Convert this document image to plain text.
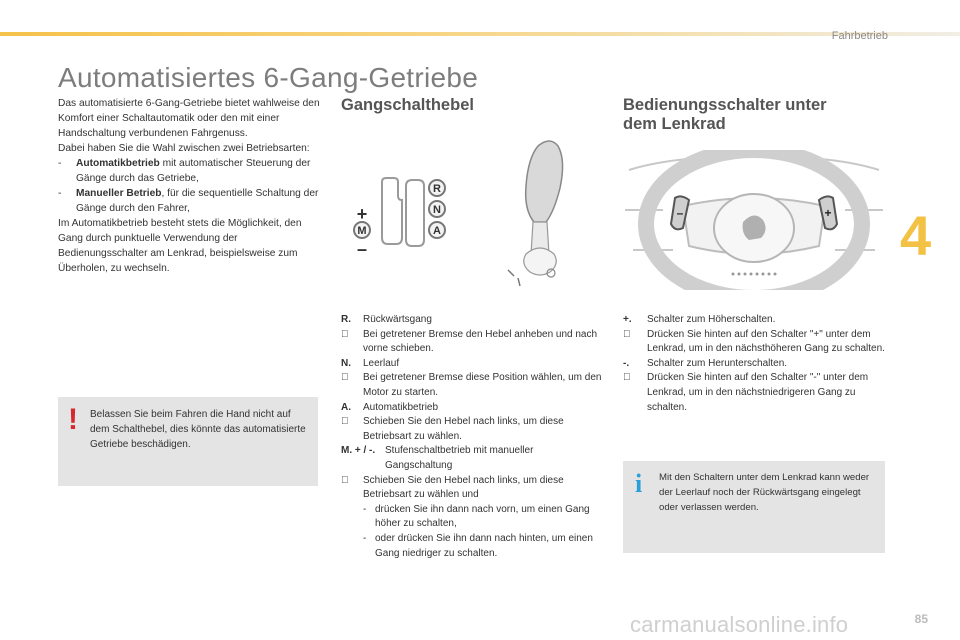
Fahrbetrieb
4
Automatisiertes 6-Gang-Getriebe

Das automatisierte 6-Gang-Getriebe bietet wahlweise den Komfort einer Schaltautomatik oder den mit einer Handschaltung verbundenen Fahrgenuss.

Dabei haben Sie die Wahl zwischen zwei Betriebsarten:

-	Automatikbetrieb mit automatischer Steuerung der Gänge durch das Getriebe,
-	Manueller Betrieb, für die sequentielle Schaltung der Gänge durch den Fahrer,

Im Automatikbetrieb besteht stets die Möglichkeit, den Gang durch punktuelle Verwendung der Bedienungsschalter am Lenkrad, beispielsweise zum Überholen, zu wechseln.

! Belassen Sie beim Fahren die Hand nicht auf dem Schalthebel, dies könnte das automatisierte Getriebe beschädigen.
Gangschalthebel
R
N
A
M
+
–
R.	Rückwärtsgang
Bei getretener Bremse den Hebel anheben und nach vorne schieben.
N.	Leerlauf
Bei getretener Bremse diese Position wählen, um den Motor zu starten.
A.	Automatikbetrieb
Schieben Sie den Hebel nach links, um diese Betriebsart zu wählen.
M. + / -. Stufenschaltbetrieb mit manueller Gangschaltung
Schieben Sie den Hebel nach links, um diese Betriebsart zu wählen und
- drücken Sie ihn dann nach vorn, um einen Gang höher zu schalten,
- oder drücken Sie ihn dann nach hinten, um einen Gang niedriger zu schalten.
Bedienungsschalter unter
dem Lenkrad
–	+
+.	Schalter zum Höherschalten.
Drücken Sie hinten auf den Schalter "+" unter dem Lenkrad, um in den nächsthöheren Gang zu schalten.
-.	Schalter zum Herunterschalten.
Drücken Sie hinten auf den Schalter "-" unter dem Lenkrad, um in den nächstniedrigeren Gang zu schalten.
i Mit den Schaltern unter dem Lenkrad kann weder der Leerlauf noch der Rückwärtsgang eingelegt oder verlassen werden.
carmanualsonline.info	85
